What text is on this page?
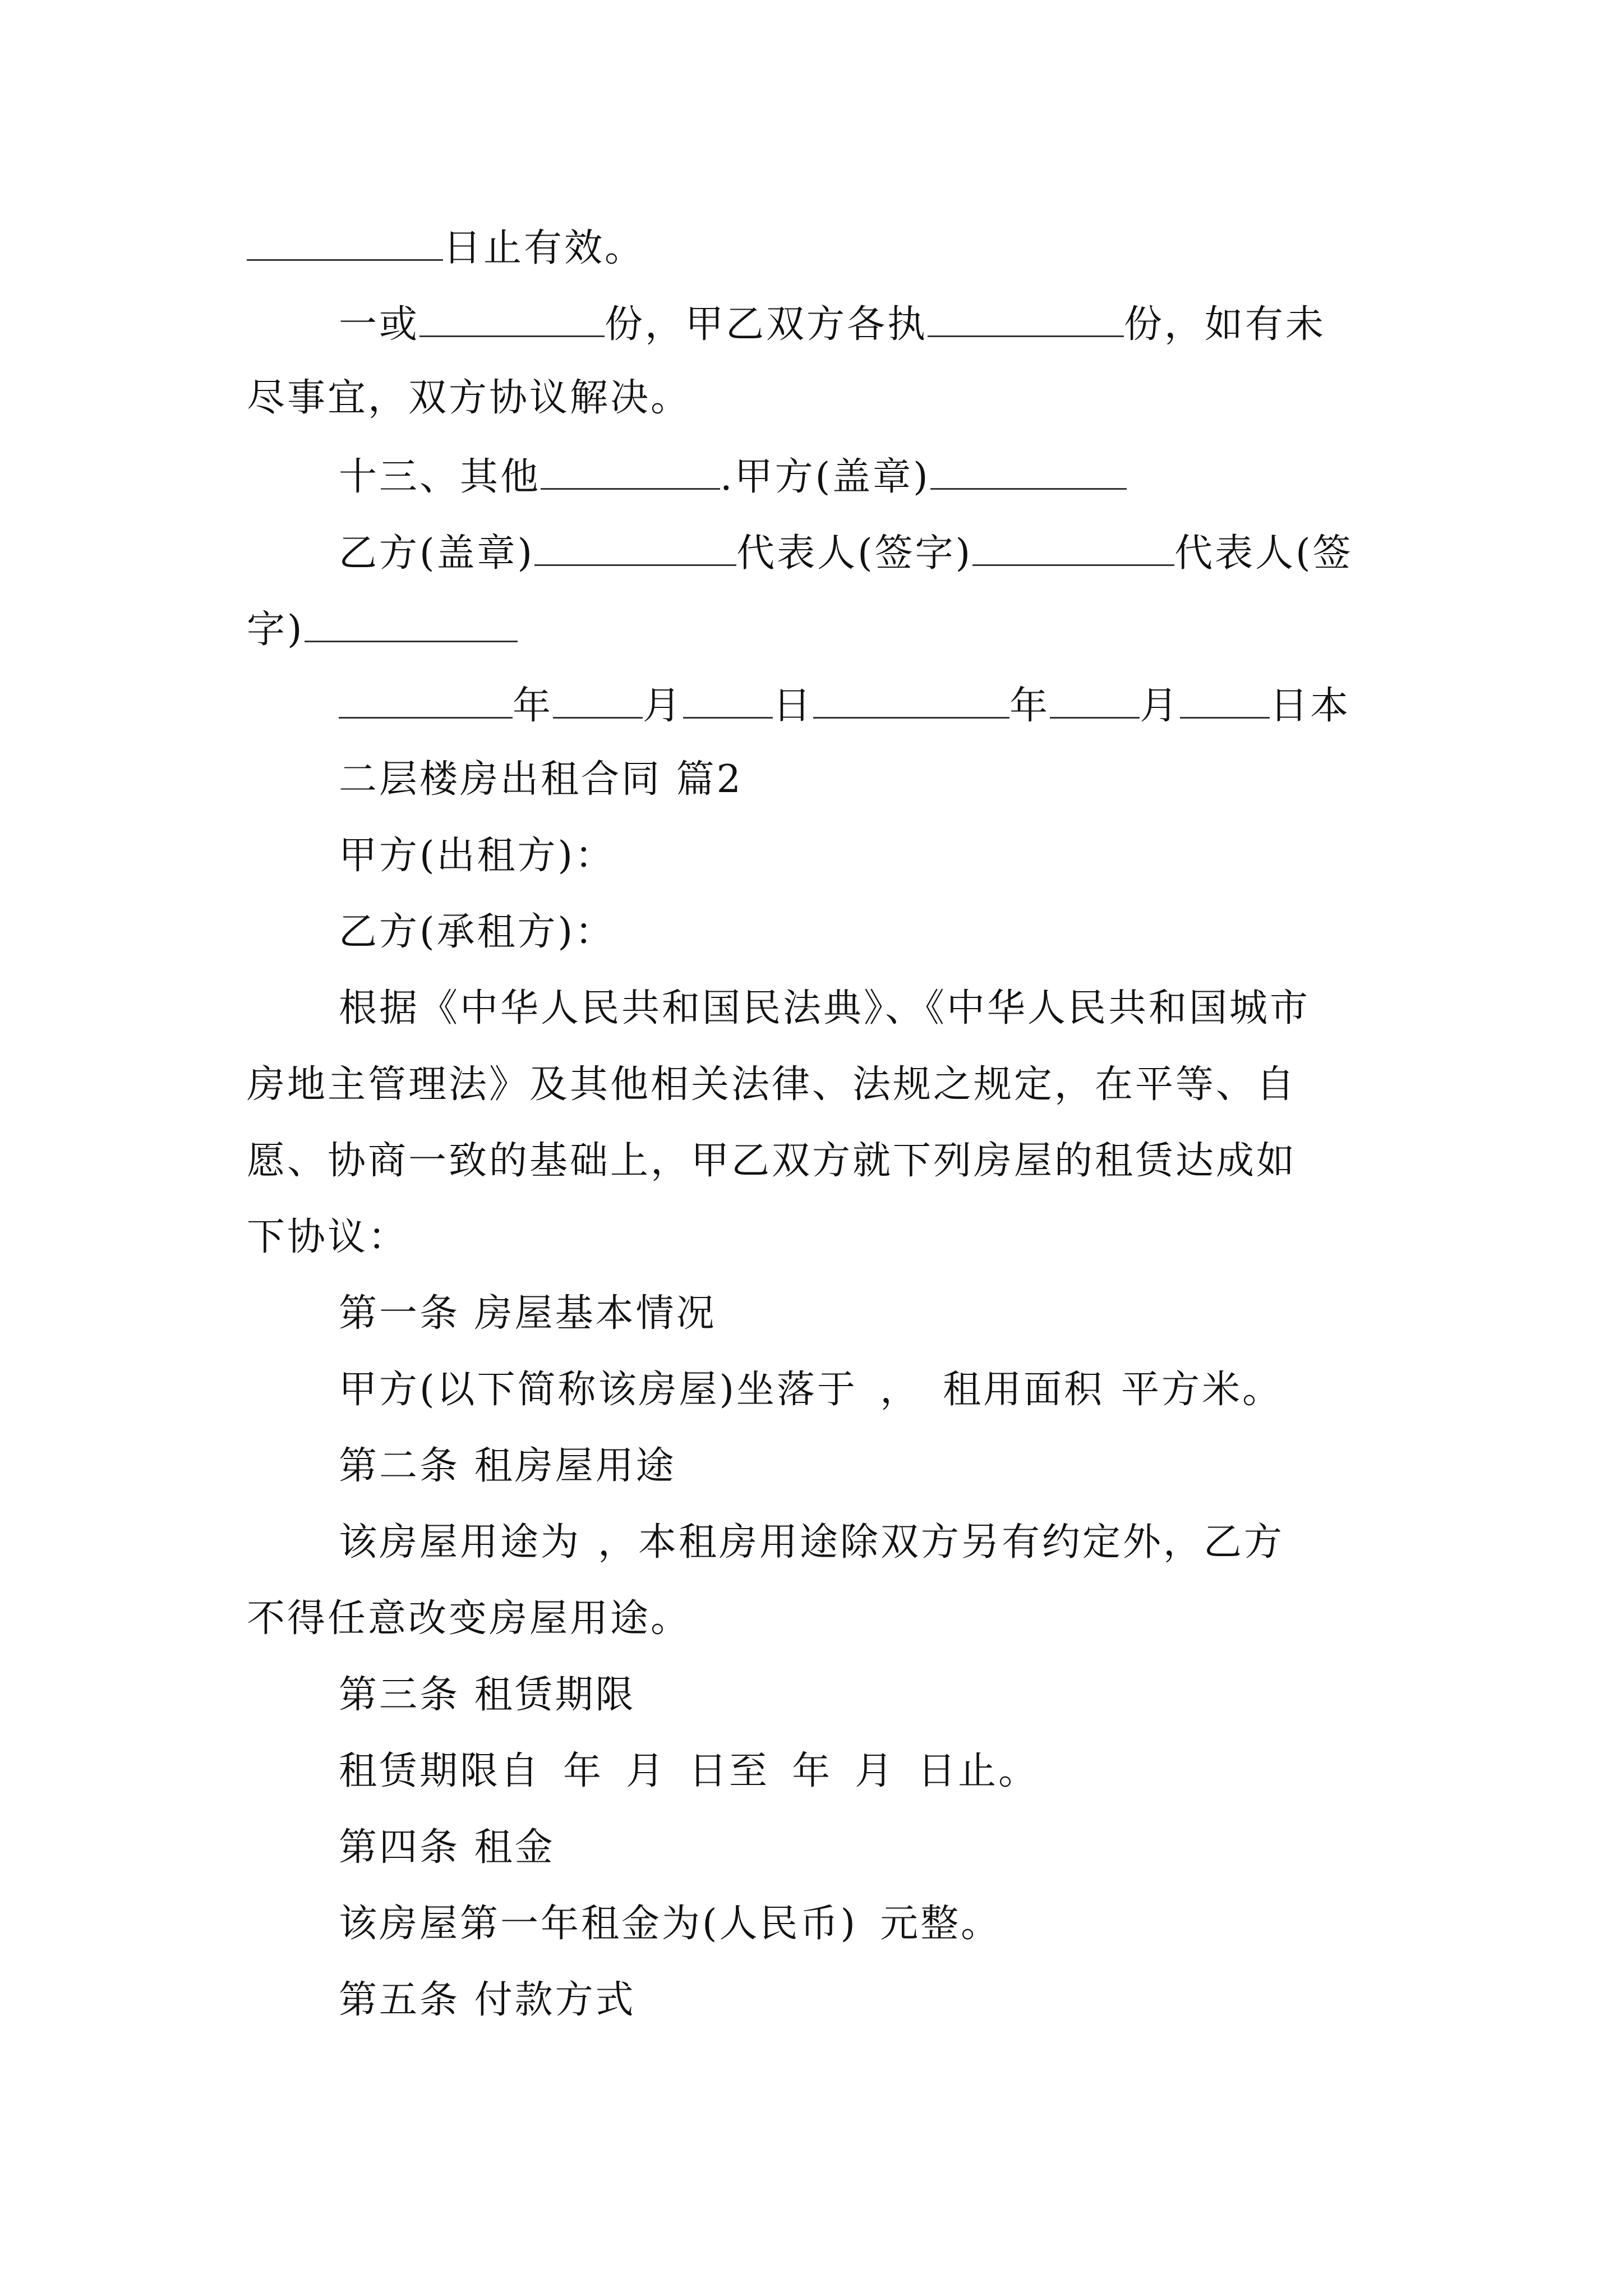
日止有效。
一或	份，甲乙双方各执	份，如有未
尽事宜，双方协议解决。
十三、其他	.甲方(盖章)
乙方(盖章)	代表人(签字)	代表人(签
字)
年 月 日	年 月 日本
二层楼房出租合同 篇2
甲方(出租方)：
乙方(承租方)：
根据《中华人民共和国民法典》、《中华人民共和国城市
房地主管理法》及其他相关法律、法规之规定，在平等、自
愿、协商一致的基础上，甲乙双方就下列房屋的租赁达成如
下协议：
第一条 房屋基本情况
甲方(以下简称该房屋)坐落于 ， 租用面积 平方米。
第二条 租房屋用途
该房屋用途为 ，本租房用途除双方另有约定外，乙方
不得任意改变房屋用途。
第三条 租赁期限
租赁期限自 年 月 日至 年 月 日止。
第四条 租金
该房屋第一年租金为(人民币) 元整。
第五条 付款方式
